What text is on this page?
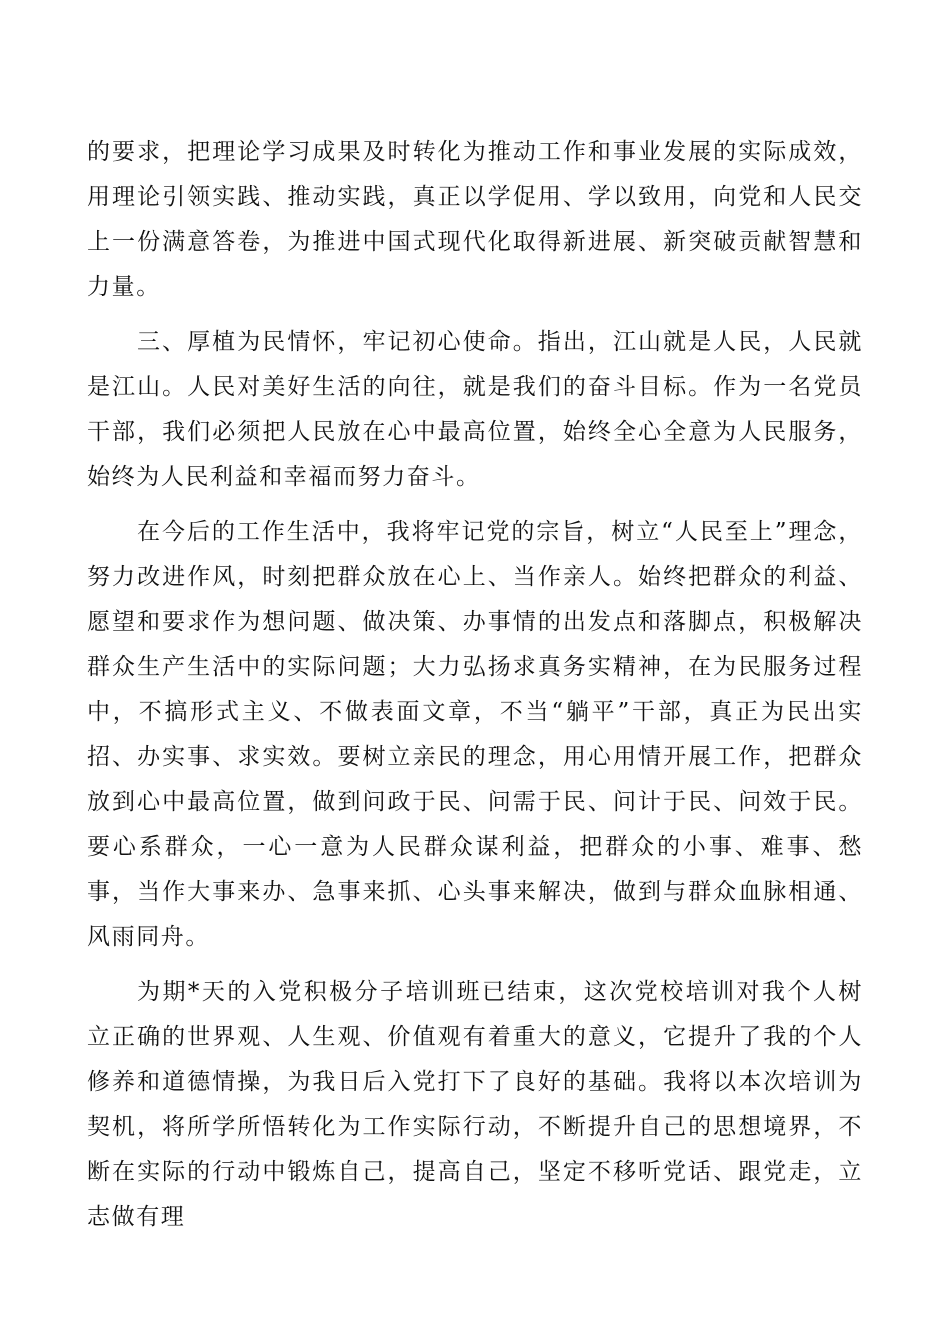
的要求，把理论学习成果及时转化为推动工作和事业发展的实际成效，用理论引领实践、推动实践，真正以学促用、学以致用，向党和人民交上一份满意答卷，为推进中国式现代化取得新进展、新突破贡献智慧和力量。

三、厚植为民情怀，牢记初心使命。指出，江山就是人民，人民就是江山。人民对美好生活的向往，就是我们的奋斗目标。作为一名党员干部，我们必须把人民放在心中最高位置，始终全心全意为人民服务，始终为人民利益和幸福而努力奋斗。

在今后的工作生活中，我将牢记党的宗旨，树立“人民至上”理念，努力改进作风，时刻把群众放在心上、当作亲人。始终把群众的利益、愿望和要求作为想问题、做决策、办事情的出发点和落脚点，积极解决群众生产生活中的实际问题；大力弘扬求真务实精神，在为民服务过程中，不搞形式主义、不做表面文章，不当“躺平”干部，真正为民出实招、办实事、求实效。要树立亲民的理念，用心用情开展工作，把群众放到心中最高位置，做到问政于民、问需于民、问计于民、问效于民。要心系群众，一心一意为人民群众谋利益，把群众的小事、难事、愁事，当作大事来办、急事来抓、心头事来解决，做到与群众血脉相通、风雨同舟。

为期*天的入党积极分子培训班已结束，这次党校培训对我个人树立正确的世界观、人生观、价值观有着重大的意义，它提升了我的个人修养和道德情操，为我日后入党打下了良好的基础。我将以本次培训为契机，将所学所悟转化为工作实际行动，不断提升自己的思想境界，不断在实际的行动中锻炼自己，提高自己，坚定不移听党话、跟党走，立志做有理
